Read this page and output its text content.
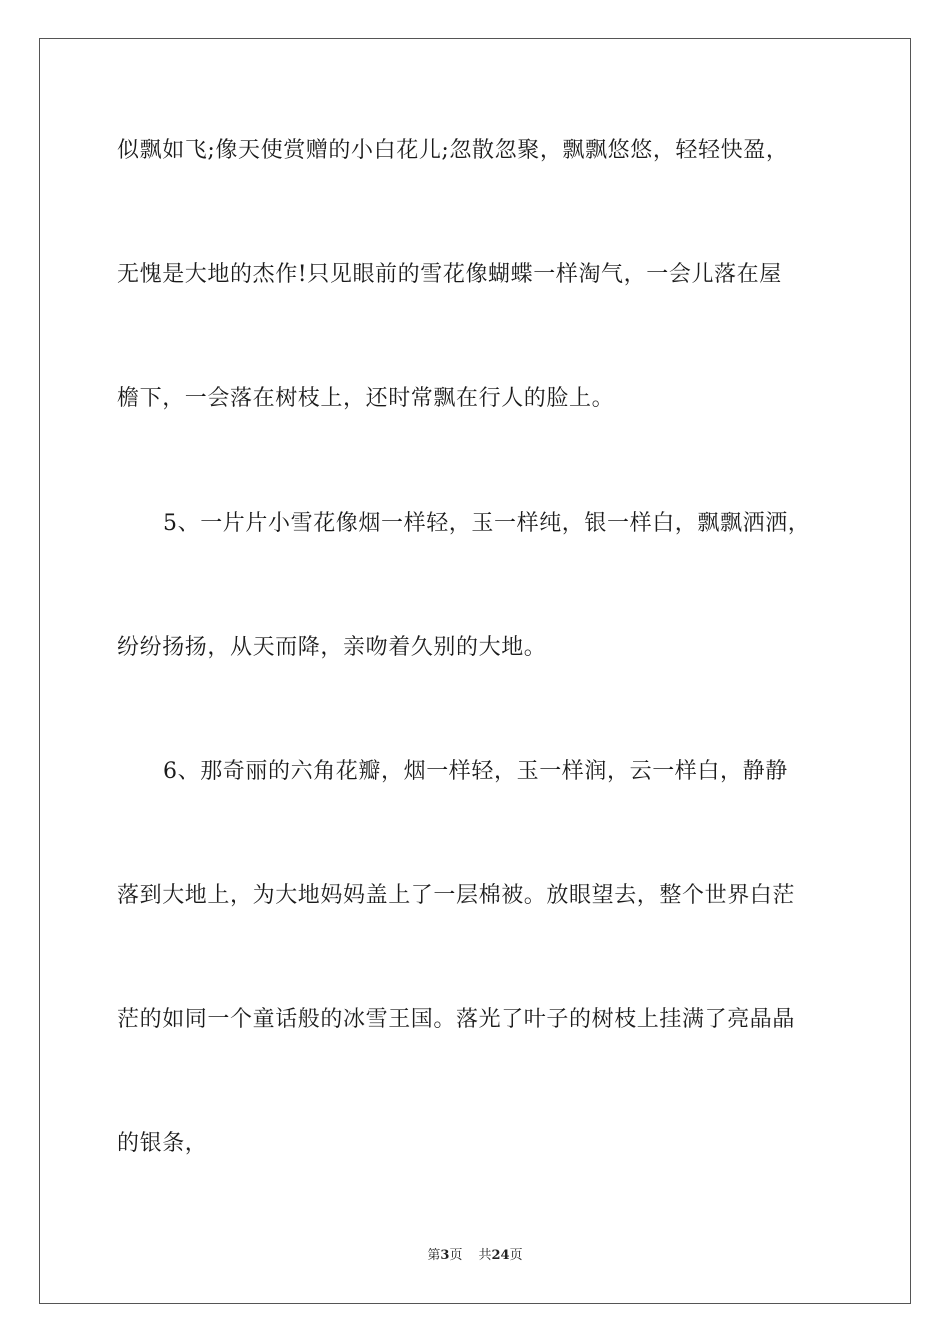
似飘如飞;像天使赏赠的小白花儿;忽散忽聚，飘飘悠悠，轻轻快盈，
无愧是大地的杰作!只见眼前的雪花像蝴蝶一样淘气，一会儿落在屋
檐下，一会落在树枝上，还时常飘在行人的脸上。
5、一片片小雪花像烟一样轻，玉一样纯，银一样白，飘飘洒洒，
纷纷扬扬，从天而降，亲吻着久别的大地。
6、那奇丽的六角花瓣，烟一样轻，玉一样润，云一样白，静静
落到大地上，为大地妈妈盖上了一层棉被。放眼望去，整个世界白茫
茫的如同一个童话般的冰雪王国。落光了叶子的树枝上挂满了亮晶晶
的银条，
第3页 共24页
